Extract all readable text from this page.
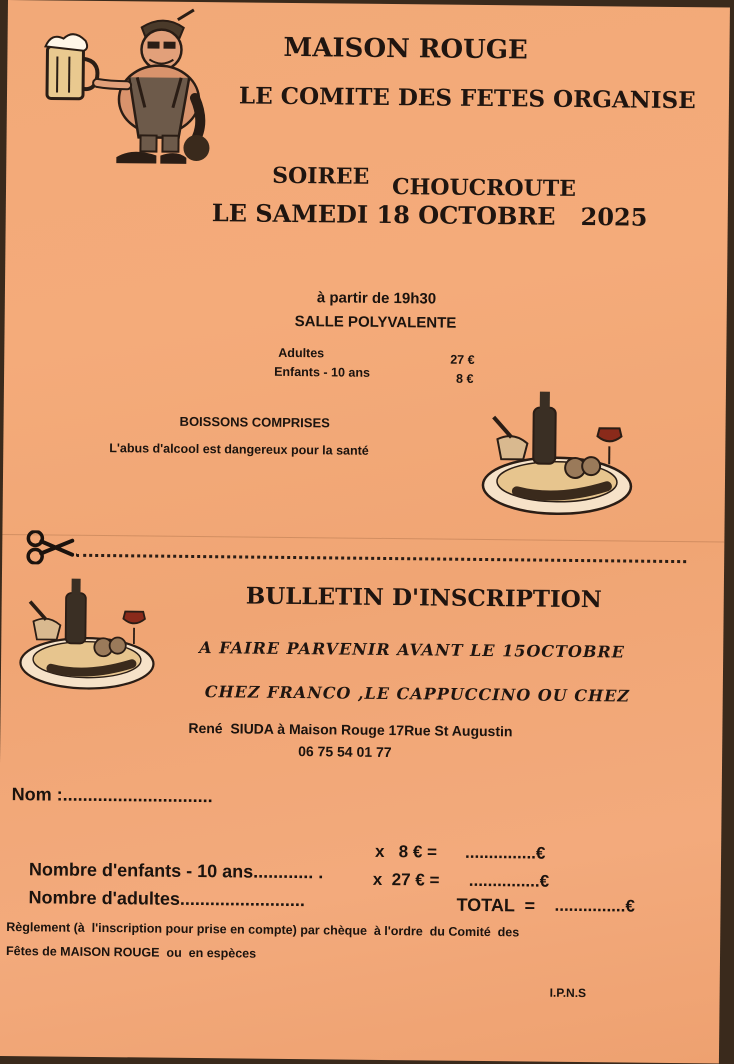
MAISON ROUGE
LE COMITE DES FETES ORGANISE
SOIREE CHOUCROUTE
LE SAMEDI 18 OCTOBRE   2025
à partir de 19h30
SALLE POLYVALENTE
Adultes	27 €
Enfants - 10 ans	8 €
BOISSONS COMPRISES
L'abus d'alcool est dangereux pour la santé
BULLETIN D'INSCRIPTION
A FAIRE PARVENIR AVANT LE 15OCTOBRE
CHEZ FRANCO ,LE CAPPUCCINO OU CHEZ
René  SIUDA à Maison Rouge 17Rue St Augustin
06 75 54 01 77
Nom :..............................

Nombre d'enfants - 10 ans............ .

x   8 € = ...............€

Nombre d'adultes.........................

x  27 € = ...............€
TOTAL  = ...............€
Règlement (à  l'inscription pour prise en compte) par chèque  à l'ordre  du Comité  des
Fêtes de MAISON ROUGE  ou  en espèces
I.P.N.S
